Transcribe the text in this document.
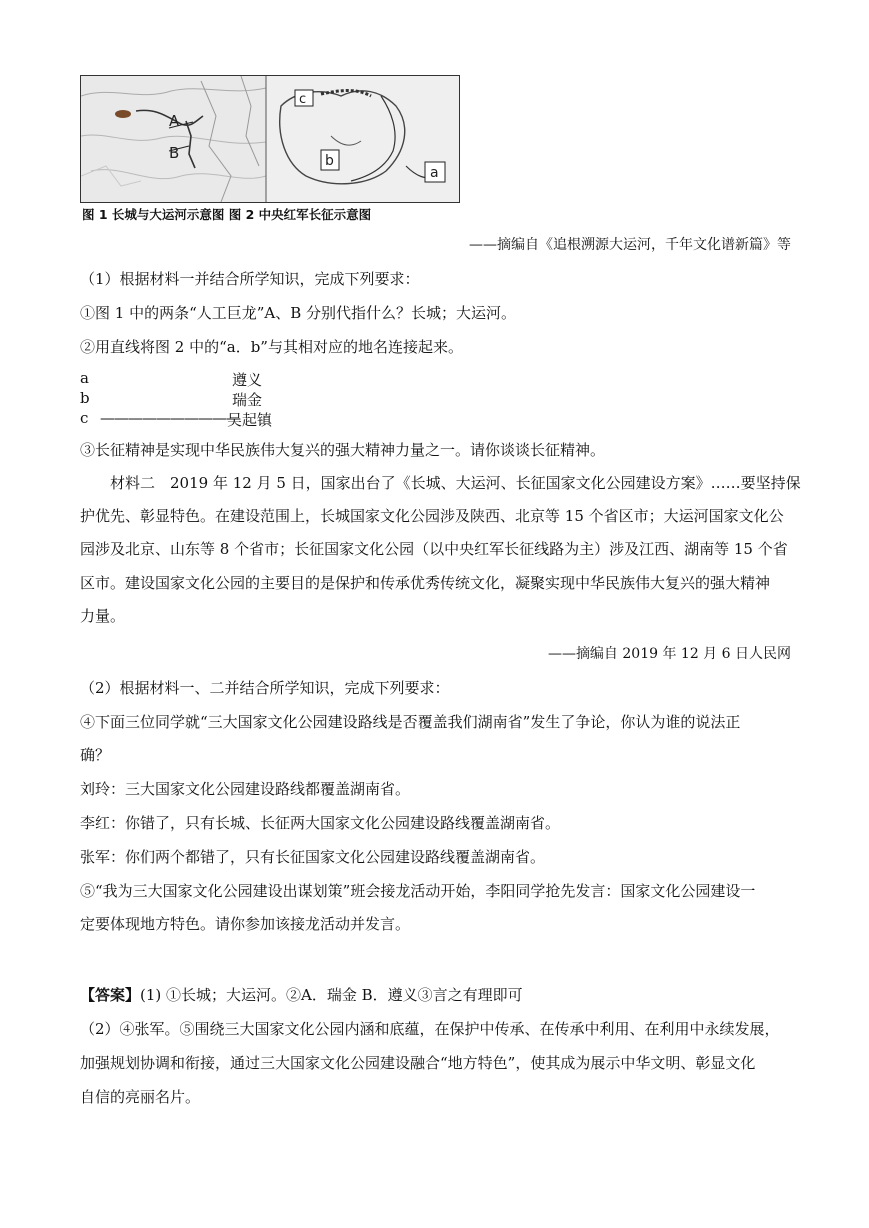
A
B
c
b
a
图 1 长城与大运河示意图 图 2 中央红军长征示意图
——摘编自《追根溯源大运河，千年文化谱新篇》等
（1）根据材料一并结合所学知识，完成下列要求：
①图 1 中的两条“人工巨龙”A、B 分别代指什么？长城；大运河。
②用直线将图 2 中的“a．b”与其相对应的地名连接起来。
a
b
c ——————————
遵义
瑞金
吴起镇
③长征精神是实现中华民族伟大复兴的强大精神力量之一。请你谈谈长征精神。
材料二　2019 年 12 月 5 日，国家出台了《长城、大运河、长征国家文化公园建设方案》……要坚持保
护优先、彰显特色。在建设范围上，长城国家文化公园涉及陕西、北京等 15 个省区市；大运河国家文化公
园涉及北京、山东等 8 个省市；长征国家文化公园（以中央红军长征线路为主）涉及江西、湖南等 15 个省
区市。建设国家文化公园的主要目的是保护和传承优秀传统文化，凝聚实现中华民族伟大复兴的强大精神
力量。
——摘编自 2019 年 12 月 6 日人民网
（2）根据材料一、二并结合所学知识，完成下列要求：
④下面三位同学就“三大国家文化公园建设路线是否覆盖我们湖南省”发生了争论，你认为谁的说法正
确？
刘玲：三大国家文化公园建设路线都覆盖湖南省。
李红：你错了，只有长城、长征两大国家文化公园建设路线覆盖湖南省。
张军：你们两个都错了，只有长征国家文化公园建设路线覆盖湖南省。
⑤“我为三大国家文化公园建设出谋划策”班会接龙活动开始，李阳同学抢先发言：国家文化公园建设一
定要体现地方特色。请你参加该接龙活动并发言。
【答案】(1) ①长城；大运河。②A．瑞金 B．遵义③言之有理即可
（2）④张军。⑤围绕三大国家文化公园内涵和底蕴，在保护中传承、在传承中利用、在利用中永续发展，
加强规划协调和衔接，通过三大国家文化公园建设融合“地方特色”，使其成为展示中华文明、彰显文化
自信的亮丽名片。
